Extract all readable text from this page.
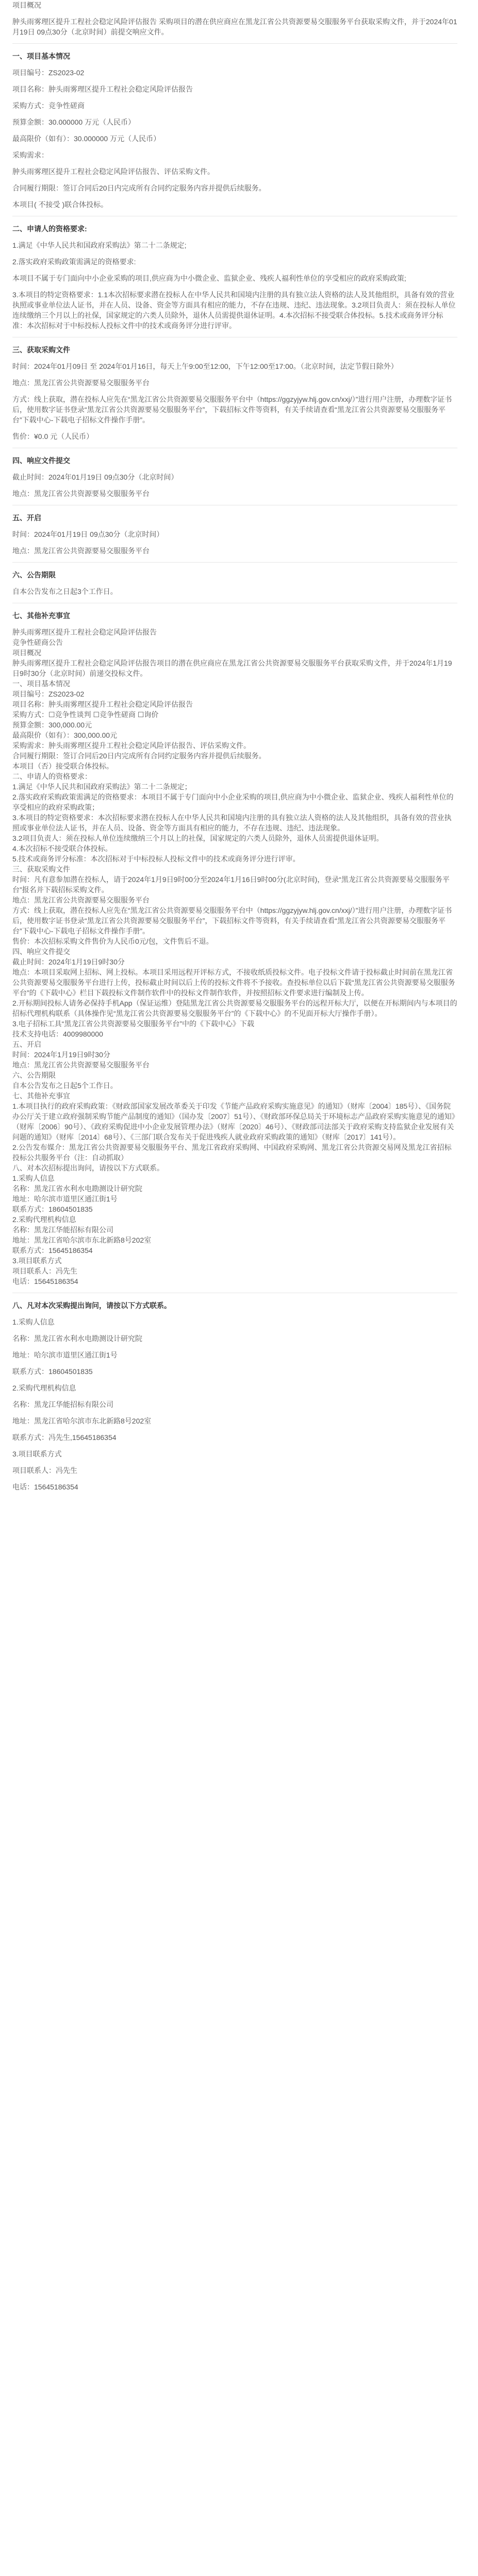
项目概况
肿头雨雾理区提升工程社会稳定风险评估报告 采购项目的潜在供应商应在黑龙江省公共资源要易交服服务平台获取采购文件，并于2024年01月19日 09点30分（北京时间）前提交响应文件。
一、项目基本情况
项目编号：ZS2023-02
项目名称：肿头雨雾理区提升工程社会稳定风险评估报告
采购方式：竞争性磋商
预算金额：30.000000 万元（人民币）
最高限价（如有）：30.000000 万元（人民币）
采购需求：
肿头雨雾理区提升工程社会稳定风险评估报告、评估采购文件。
合同履行期限：签订合同后20日内完成所有合同约定服务内容并提供后续服务。
本项目( 不接受 )联合体投标。
二、申请人的资格要求:
1.满足《中华人民共和国政府采购法》第二十二条规定;
2.落实政府采购政策需满足的资格要求:
本项目不属于专门面向中小企业采购的项目,供应商为中小微企业、监狱企业、残疾人福利性单位的享受相应的政府采购政策;
3.本项目的特定资格要求：1.1本次招标要求潜在投标人在中华人民共和国境内注册的具有独立法人资格的法人及其他组织，具备有效的营业执照或事业单位法人证书，并在人员、设备、资金等方面具有相应的能力，不存在违规、违纪、违法现象。3.2项目负责人：须在投标人单位连续缴纳三个月以上的社保，国家规定的六类人员除外，退休人员需提供退休证明。4.本次招标不接受联合体投标。5.技术或商务评分标准：本次招标对于中标投标人投标文件中的技术或商务评分进行评审。
三、获取采购文件
时间：2024年01月09日 至 2024年01月16日，每天上午9:00至12:00，下午12:00至17:00。（北京时间，法定节假日除外）
地点：黑龙江省公共资源要易交服服务平台
方式：线上获取，潜在投标人应先在“黑龙江省公共资源要易交服服务平台中（https://ggzyjyw.hlj.gov.cn/xxj/）”进行用户注册，办理数字证书后，使用数字证书登录“黑龙江省公共资源要易交服服务平台”，下载招标文件等资料，有关手续请查看“黑龙江省公共资源要易交服服务平台”下载中心-下载电子招标文件操作手册”。
售价：¥0.0 元（人民币）
四、响应文件提交
截止时间：2024年01月19日 09点30分（北京时间）
地点：黑龙江省公共资源要易交服服务平台
五、开启
时间：2024年01月19日 09点30分（北京时间）
地点：黑龙江省公共资源要易交服服务平台
六、公告期限
自本公告发布之日起3个工作日。
七、其他补充事宜
肿头雨雾理区提升工程社会稳定风险评估报告
竞争性磋商公告
项目概况
肿头雨雾理区提升工程社会稳定风险评估报告项目的潜在供应商应在黑龙江省公共资源要易交服服务平台获取采购文件，并于2024年1月19日9时30分（北京时间）前递交投标文件。
一、项目基本情况
项目编号：ZS2023-02
项目名称：肿头雨雾理区提升工程社会稳定风险评估报告
采购方式：☐竞争性谈判 ☐竞争性磋商 ☐询价
预算金额：300,000.00元
最高限价（如有）：300,000.00元
采购需求：肿头雨雾理区提升工程社会稳定风险评估报告、评估采购文件。
合同履行期限：签订合同后20日内完成所有合同约定服务内容并提供后续服务。
本项目（否）接受联合体投标。
二、申请人的资格要求：
1.满足《中华人民共和国政府采购法》第二十二条规定；
2.落实政府采购政策需满足的资格要求：本项目不属于专门面向中小企业采购的项目,供应商为中小微企业、监狱企业、残疾人福利性单位的享受相应的政府采购政策；
3.本项目的特定资格要求：本次招标要求潜在投标人在中华人民共和国境内注册的具有独立法人资格的法人及其他组织，具备有效的营业执照或事业单位法人证书，并在人员、设备、资金等方面具有相应的能力，不存在违规、违纪、违法现象。
3.2项目负责人：须在投标人单位连续缴纳三个月以上的社保，国家规定的六类人员除外，退休人员需提供退休证明。
4.本次招标不接受联合体投标。
5.技术或商务评分标准：本次招标对于中标投标人投标文件中的技术或商务评分进行评审。
三、获取采购文件
时间：凡有意参加潜在投标人，请于2024年1月9日9时00分至2024年1月16日9时00分(北京时间)，登录“黑龙江省公共资源要易交服服务平台”报名并下载招标采购文件。
地点：黑龙江省公共资源要易交服服务平台
方式：线上获取，潜在投标人应先在“黑龙江省公共资源要易交服服务平台中（https://ggzyjyw.hlj.gov.cn/xxj/）”进行用户注册，办理数字证书后，使用数字证书登录“黑龙江省公共资源要易交服服务平台”，下载招标文件等资料，有关手续请查看“黑龙江省公共资源要易交服服务平台”下载中心-下载电子招标文件操作手册”。
售价：本次招标采购文件售价为人民币0元/包，文件售后不退。
四、响应文件提交
截止时间：2024年1月19日9时30分
地点：本项目采取网上招标、网上投标。本项目采用远程开评标方式，不接收纸质投标文件。电子投标文件请于投标截止时间前在黑龙江省公共资源要易交服服务平台进行上传，投标截止时间以后上传的投标文件将不予接收。查投标单位以后下载“黑龙江省公共资源要易交服服务平台”的《下载中心》栏目下载投标文件制作软件中的投标文件制作软件，并按照招标文件要求进行编制及上传。
2.开标期间投标人请务必保持手机App（保证运维）登陆黑龙江省公共资源要易交服服务平台的远程开标大厅，以便在开标期间内与本项目的招标代理机构联系（具体操作见“黑龙江省公共资源要易交服服务平台”的《下载中心》的不见面开标大厅操作手册）。
3.电子招标工具“黑龙江省公共资源要易交服服务平台”中的《下载中心》下载
技术支持电话：4009980000
五、开启
时间：2024年1月19日9时30分
地点：黑龙江省公共资源要易交服服务平台
六、公告期限
自本公告发布之日起5个工作日。
七、其他补充事宜
1.本项目执行的政府采购政策：《财政部国家发展改革委关于印发《节能产品政府采购实施意见》的通知》（财库〔2004〕185号）、《国务院办公厅关于建立政府强制采购节能产品制度的通知》（国办发〔2007〕51号）、《财政部环保总局关于环境标志产品政府采购实施意见的通知》（财库〔2006〕90号）、《政府采购促进中小企业发展管理办法》（财库〔2020〕46号）、《财政部司法部关于政府采购支持监狱企业发展有关问题的通知》（财库〔2014〕68号）、《三部门联合发布关于促进残疾人就业政府采购政策的通知》（财库〔2017〕141号）。
2.公告发布媒介：黑龙江省公共资源要易交服服务平台、黑龙江省政府采购网、中国政府采购网、黑龙江省公共资源交易网及黑龙江省招标投标公共服务平台（注：自动抓取）
八、对本次招标提出询问，请按以下方式联系。
1.采购人信息
名称：黑龙江省水利水电勘测设计研究院
地址：哈尔滨市道里区通江街1号
联系方式：18604501835
2.采购代理机构信息
名称：黑龙江华能招标有限公司
地址：黑龙江省哈尔滨市东北新路8号202室
联系方式：15645186354
3.项目联系方式
项目联系人：冯先生
电话：15645186354
八、凡对本次采购提出询问，请按以下方式联系。
1.采购人信息
名称：黑龙江省水利水电勘测设计研究院
地址：哈尔滨市道里区通江街1号
联系方式：18604501835
2.采购代理机构信息
名称：黑龙江华能招标有限公司
地址：黑龙江省哈尔滨市东北新路8号202室
联系方式：冯先生,15645186354
3.项目联系方式
项目联系人：冯先生
电话：15645186354
